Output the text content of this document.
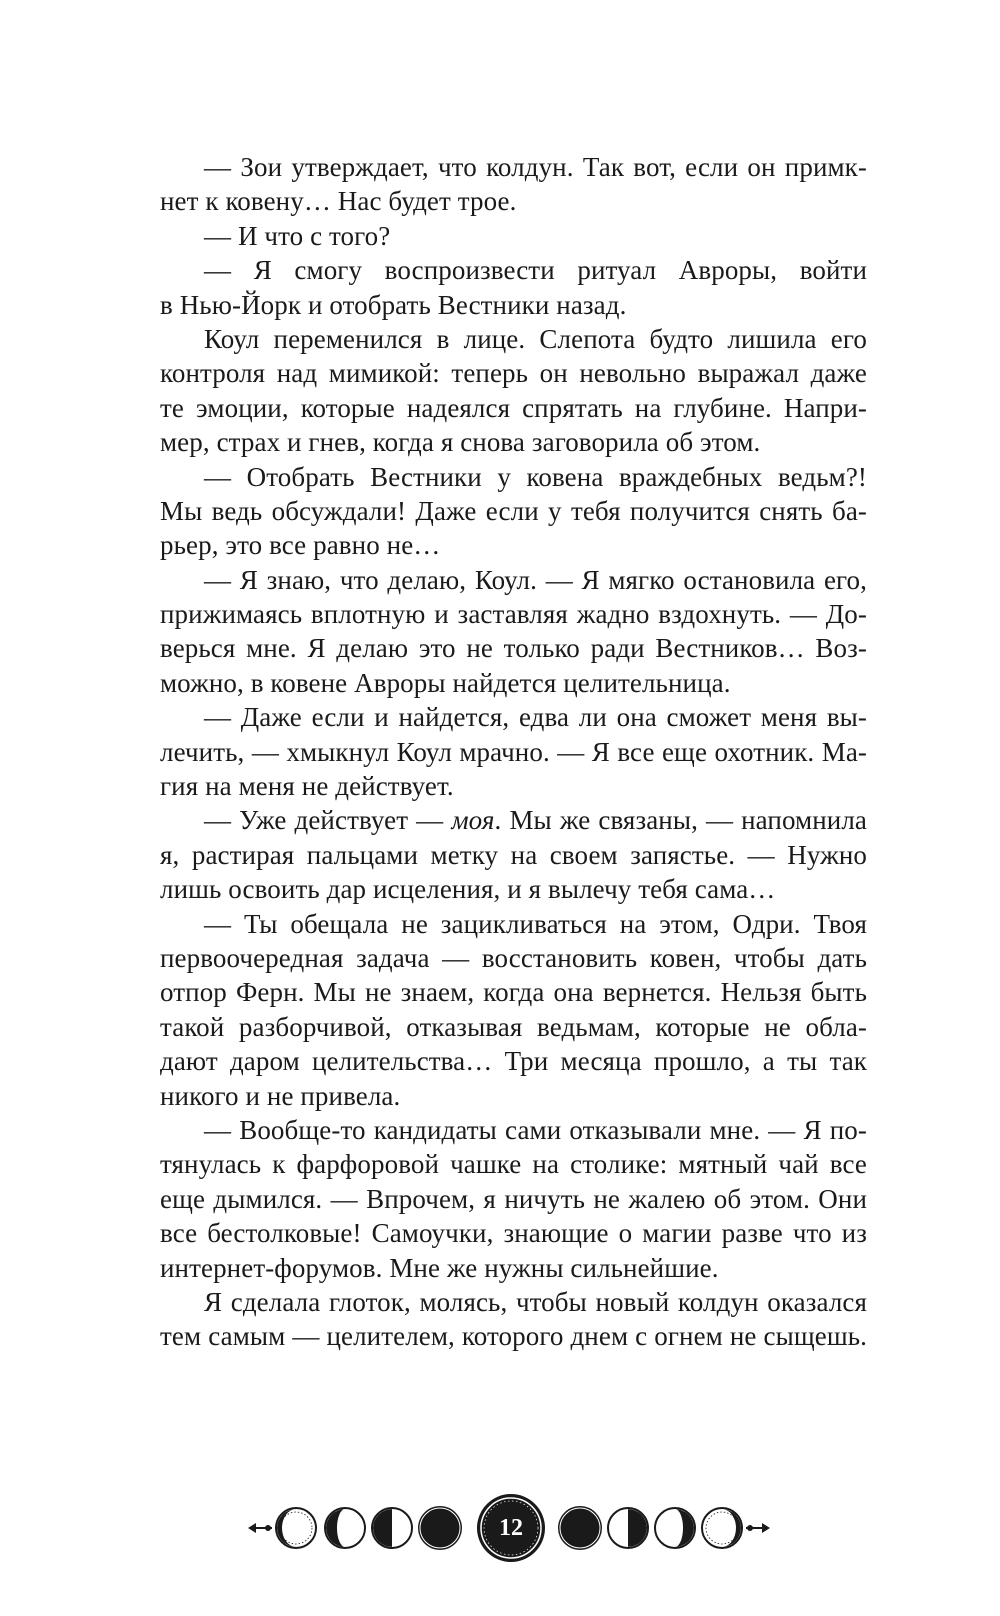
— Зои утверждает, что колдун. Так вот, если он примк-
нет к ковену… Нас будет трое.
— И что с того?
— Я смогу воспроизвести ритуал Авроры, войти
в Нью-Йорк и отобрать Вестники назад.
Коул переменился в лице. Слепота будто лишила его
контроля над мимикой: теперь он невольно выражал даже
те эмоции, которые надеялся спрятать на глубине. Напри-
мер, страх и гнев, когда я снова заговорила об этом.
— Отобрать Вестники у ковена враждебных ведьм?!
Мы ведь обсуждали! Даже если у тебя получится снять ба-
рьер, это все равно не…
— Я знаю, что делаю, Коул. — Я мягко остановила его,
прижимаясь вплотную и заставляя жадно вздохнуть. — До-
верься мне. Я делаю это не только ради Вестников… Воз-
можно, в ковене Авроры найдется целительница.
— Даже если и найдется, едва ли она сможет меня вы-
лечить, — хмыкнул Коул мрачно. — Я все еще охотник. Ма-
гия на меня не действует.
— Уже действует — моя. Мы же связаны, — напомнила
я, растирая пальцами метку на своем запястье. — Нужно
лишь освоить дар исцеления, и я вылечу тебя сама…
— Ты обещала не зацикливаться на этом, Одри. Твоя
первоочередная задача — восстановить ковен, чтобы дать
отпор Ферн. Мы не знаем, когда она вернется. Нельзя быть
такой разборчивой, отказывая ведьмам, которые не обла-
дают даром целительства… Три месяца прошло, а ты так
никого и не привела.
— Вообще-то кандидаты сами отказывали мне. — Я по-
тянулась к фарфоровой чашке на столике: мятный чай все
еще дымился. — Впрочем, я ничуть не жалею об этом. Они
все бестолковые! Самоучки, знающие о магии разве что из
интернет-форумов. Мне же нужны сильнейшие.
Я сделала глоток, молясь, чтобы новый колдун оказался
тем самым — целителем, которого днем с огнем не сыщешь.
12
